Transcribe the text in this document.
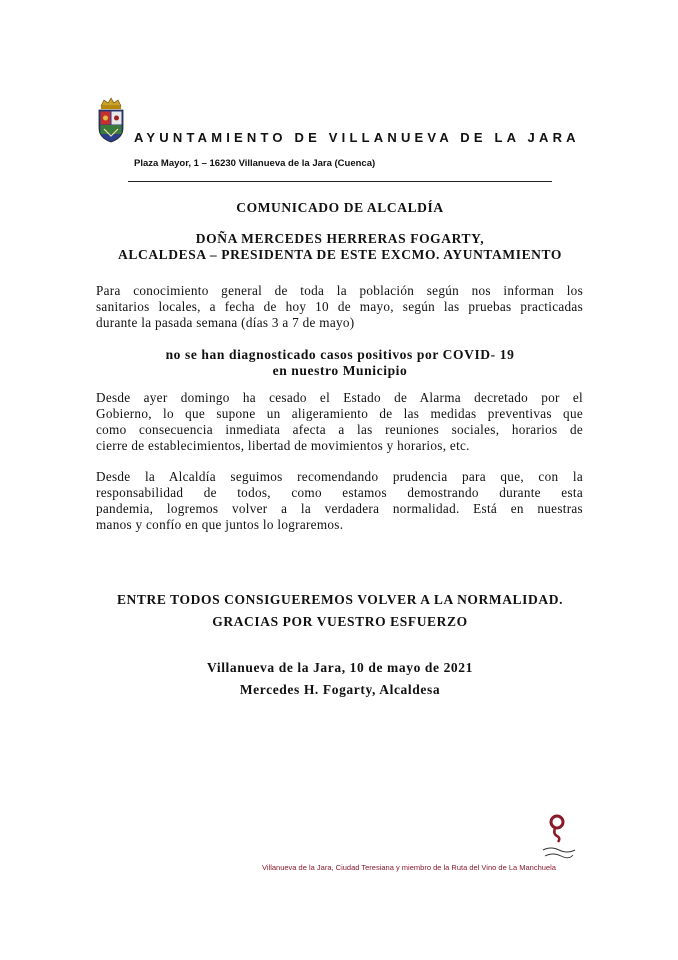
AYUNTAMIENTO DE VILLANUEVA DE LA JARA
Plaza Mayor, 1 – 16230 Villanueva de la Jara (Cuenca)
COMUNICADO DE ALCALDÍA
DOÑA MERCEDES HERRERAS FOGARTY,
ALCALDESA – PRESIDENTA DE ESTE EXCMO. AYUNTAMIENTO
Para conocimiento general de toda la población según nos informan los
sanitarios locales, a fecha de hoy 10 de mayo, según las pruebas practicadas
durante la pasada semana (días 3 a 7 de mayo)
no se han diagnosticado casos positivos por COVID- 19
en nuestro Municipio
Desde ayer domingo ha cesado el Estado de Alarma decretado por el
Gobierno, lo que supone un aligeramiento de las medidas preventivas que
como consecuencia inmediata afecta a las reuniones sociales, horarios de
cierre de establecimientos, libertad de movimientos y horarios, etc.
Desde la Alcaldía seguimos recomendando prudencia para que, con la
responsabilidad de todos, como estamos demostrando durante esta
pandemia, logremos volver a la verdadera normalidad. Está en nuestras
manos y confío en que juntos lo lograremos.
ENTRE TODOS CONSIGUEREMOS VOLVER A LA NORMALIDAD.
GRACIAS POR VUESTRO ESFUERZO
Villanueva de la Jara, 10 de mayo de 2021
Mercedes H. Fogarty, Alcaldesa
Villanueva de la Jara, Ciudad Teresiana y miembro de la Ruta del Vino de La Manchuela
